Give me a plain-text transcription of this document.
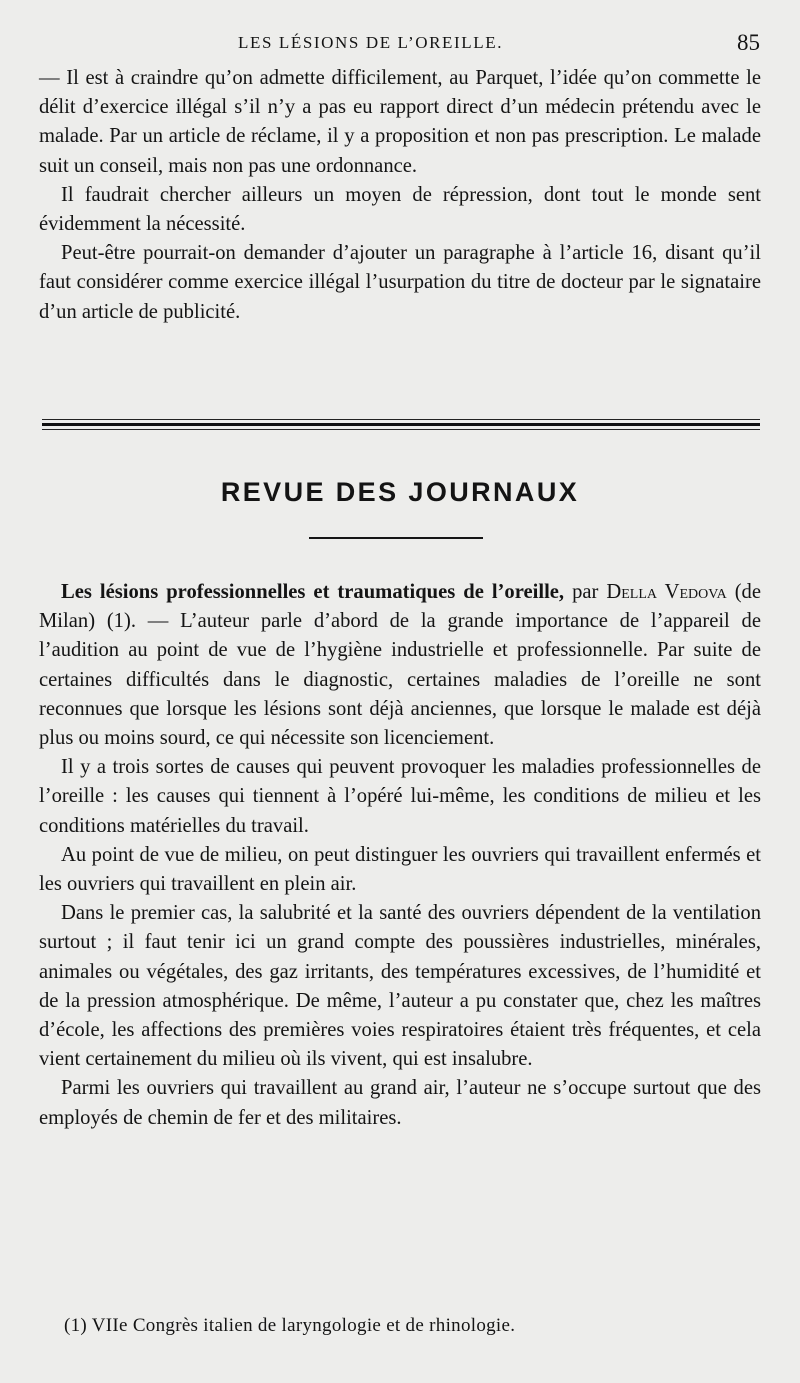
LES LÉSIONS DE L’OREILLE.	85

— Il est à craindre qu’on admette difficilement, au Parquet, l’idée qu’on commette le délit d’exercice illégal s’il n’y a pas eu rapport direct d’un médecin prétendu avec le malade. Par un article de réclame, il y a proposition et non pas prescription. Le malade suit un conseil, mais non pas une ordonnance.

Il faudrait chercher ailleurs un moyen de répression, dont tout le monde sent évidemment la nécessité.

Peut-être pourrait-on demander d’ajouter un paragraphe à l’article 16, disant qu’il faut considérer comme exercice illégal l’usurpation du titre de docteur par le signataire d’un article de publicité.

REVUE DES JOURNAUX

Les lésions professionnelles et traumatiques de l’oreille, par Della Vedova (de Milan) (1). — L’auteur parle d’abord de la grande importance de l’appareil de l’audition au point de vue de l’hygiène industrielle et professionnelle. Par suite de certaines difficultés dans le diagnostic, certaines maladies de l’oreille ne sont reconnues que lorsque les lésions sont déjà anciennes, que lorsque le malade est déjà plus ou moins sourd, ce qui nécessite son licenciement.

Il y a trois sortes de causes qui peuvent provoquer les maladies professionnelles de l’oreille : les causes qui tiennent à l’opéré lui-même, les conditions de milieu et les conditions matérielles du travail.

Au point de vue de milieu, on peut distinguer les ouvriers qui travaillent enfermés et les ouvriers qui travaillent en plein air.

Dans le premier cas, la salubrité et la santé des ouvriers dépendent de la ventilation surtout ; il faut tenir ici un grand compte des poussières industrielles, minérales, animales ou végétales, des gaz irritants, des températures excessives, de l’humidité et de la pression atmosphérique. De même, l’auteur a pu constater que, chez les maîtres d’école, les affections des premières voies respiratoires étaient très fréquentes, et cela vient certainement du milieu où ils vivent, qui est insalubre.

Parmi les ouvriers qui travaillent au grand air, l’auteur ne s’occupe surtout que des employés de chemin de fer et des militaires.

(1) VIIe Congrès italien de laryngologie et de rhinologie.
